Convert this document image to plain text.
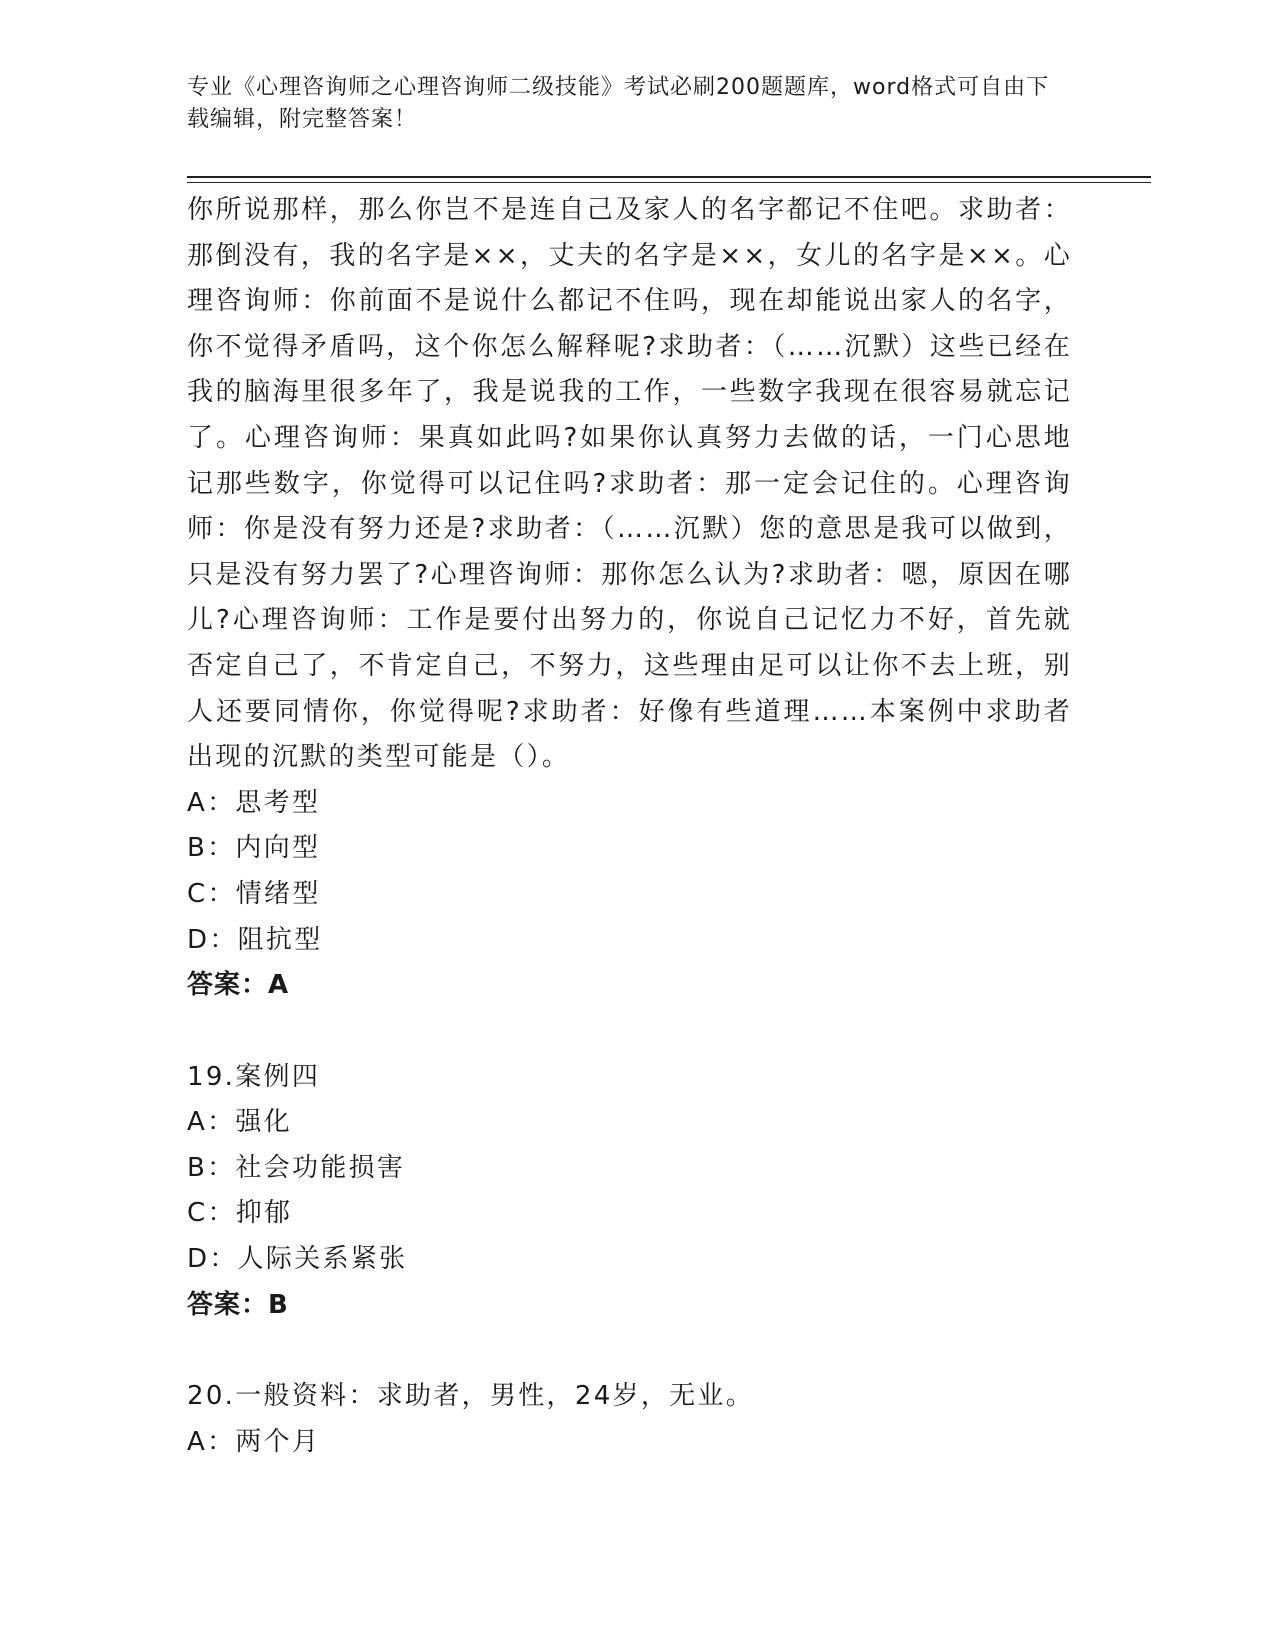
专业《心理咨询师之心理咨询师二级技能》考试必刷200题题库，word格式可自由下载编辑，附完整答案！

你所说那样，那么你岂不是连自己及家人的名字都记不住吧。求助者：那倒没有，我的名字是××，丈夫的名字是××，女儿的名字是××。心理咨询师：你前面不是说什么都记不住吗，现在却能说出家人的名字，你不觉得矛盾吗，这个你怎么解释呢?求助者：（……沉默）这些已经在我的脑海里很多年了，我是说我的工作，一些数字我现在很容易就忘记了。心理咨询师：果真如此吗?如果你认真努力去做的话，一门心思地记那些数字，你觉得可以记住吗?求助者：那一定会记住的。心理咨询师：你是没有努力还是?求助者：（……沉默）您的意思是我可以做到，只是没有努力罢了?心理咨询师：那你怎么认为?求助者：嗯，原因在哪儿?心理咨询师：工作是要付出努力的，你说自己记忆力不好，首先就否定自己了，不肯定自己，不努力，这些理由足可以让你不去上班，别人还要同情你，你觉得呢?求助者：好像有些道理……本案例中求助者出现的沉默的类型可能是（）。

A：思考型

B：内向型

C：情绪型

D：阻抗型

答案：A

19.案例四

A：强化

B：社会功能损害

C：抑郁

D：人际关系紧张

答案：B

20.一般资料：求助者，男性，24岁，无业。

A：两个月
